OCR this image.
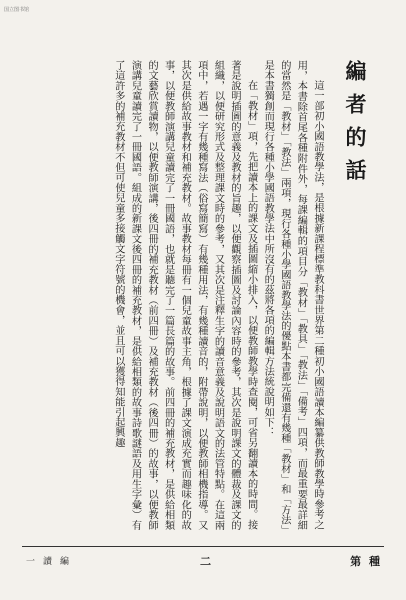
国立图书馆
編者的話

這一部初小國語教學法，是根據新課程標準教科書世界第二種初小國語讀本編纂供教師教學時參考之用，本書除首尾各種附件外，每課編輯的項目分「教材」「教具」「教法」「備考」四項，而最重要最詳細的當然是「教材」「教法」兩項，現行各種小學國語教學法的優點本書都完備還有幾種「教材」和「方法」是本書獨創而現行各種小學國語教學法中所沒有的茲將各項的編輯方法統說明如下：

在「教材」項，先把讀本上的課文及插圖縮小排入，以便教師教學時查閱，可省另翻讀本的時間。接著是說明插圖的意義及教材的旨趣，以便觀察插圖及討論內容時的參考，其次是說明課文的體裁及課文的組織，以便研究形式及整理課文時的參考，又其次是注釋生字的讀音意義及說明語文的法管特點。在這兩項中，若遇一字有幾種寫法（俗寫簡寫）有幾種用法，有幾種讀音的，附帶說明，以便教師相機指導。又其次是供給故事教材和補充教材。故事教材每冊有一個兒童故事主角，根據了課文演成充實而趣味化的故事，以便教師演講兒童讀完了一冊國語，也就是聽完了一篇長篇的故事。前四冊的補充教材，是供給相類的文藝欣賞讀物，以便教師演講，後四冊的補充教材（前四冊）及補充教材（後四冊）的故事，以便教師演講兒童讀完了一冊國語。組成的新課文後四冊的補充教材，是供給相類的故事詩歌謎語及用生字彙）有了這許多的補充教材不但可使兒童多接觸文字符號的機會，並且可以獲得知能引起興趣

一讀編	二	第 種
